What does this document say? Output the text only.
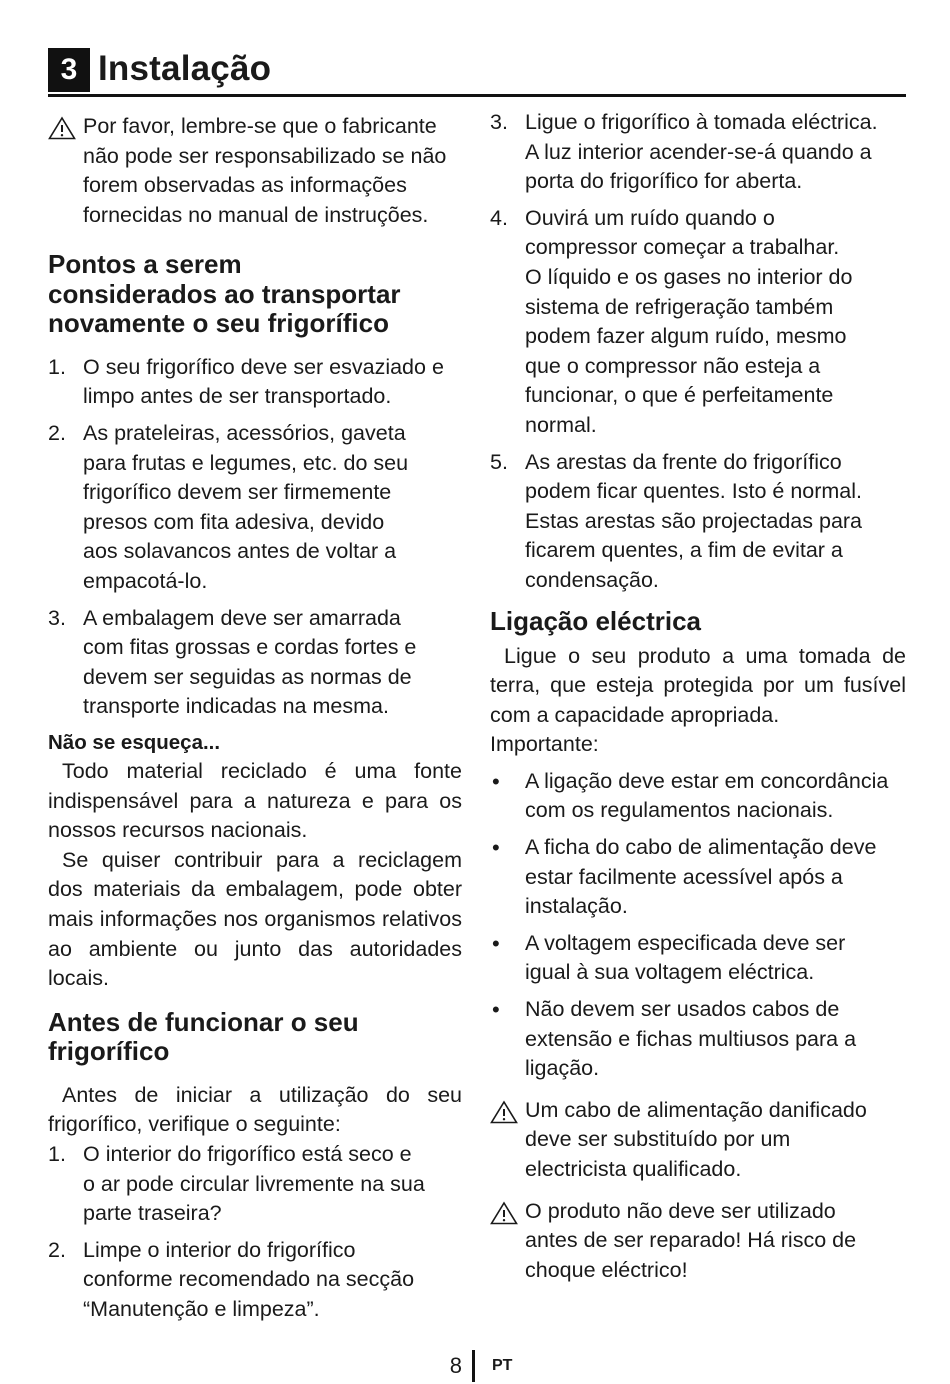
3 Instalação
Por favor, lembre-se que o fabricante
não pode ser responsabilizado se não
forem observadas as informações
fornecidas no manual de instruções.
Pontos a serem
considerados ao transportar
novamente o seu frigorífico
1. O seu frigorífico deve ser esvaziado e
limpo antes de ser transportado.
2. As prateleiras, acessórios, gaveta
para frutas e legumes, etc. do seu
frigorífico devem ser firmemente
presos com fita adesiva, devido
aos solavancos antes de voltar a
empacotá-lo.
3. A embalagem deve ser amarrada
com fitas grossas e cordas fortes e
devem ser seguidas as normas de
transporte indicadas na mesma.
Não se esqueça...

Todo material reciclado é uma fonte indispensável para a natureza e para os nossos recursos nacionais.

Se quiser contribuir para a reciclagem dos materiais da embalagem, pode obter mais informações nos organismos relativos ao ambiente ou junto das autoridades locais.

Antes de funcionar o seu
frigorífico

Antes de iniciar a utilização do seu frigorífico, verifique o seguinte:

1. O interior do frigorífico está seco e
o ar pode circular livremente na sua
parte traseira?
2. Limpe o interior do frigorífico
conforme recomendado na secção
“Manutenção e limpeza”.
3. Ligue o frigorífico à tomada eléctrica.
A luz interior acender-se-á quando a
porta do frigorífico for aberta.
4. Ouvirá um ruído quando o
compressor começar a trabalhar.
O líquido e os gases no interior do
sistema de refrigeração também
podem fazer algum ruído, mesmo
que o compressor não esteja a
funcionar, o que é perfeitamente
normal.
5. As arestas da frente do frigorífico
podem ficar quentes. Isto é normal.
Estas arestas são projectadas para
ficarem quentes, a fim de evitar a
condensação.
Ligação eléctrica

Ligue o seu produto a uma tomada de terra, que esteja protegida por um fusível com a capacidade apropriada.

Importante:
• A ligação deve estar em concordância
com os regulamentos nacionais.
• A ficha do cabo de alimentação deve
estar facilmente acessível após a
instalação.
• A voltagem especificada deve ser
igual à sua voltagem eléctrica.
• Não devem ser usados cabos de
extensão e fichas multiusos para a
ligação.
Um cabo de alimentação danificado
deve ser substituído por um
electricista qualificado.
O produto não deve ser utilizado
antes de ser reparado! Há risco de
choque eléctrico!
8 PT
